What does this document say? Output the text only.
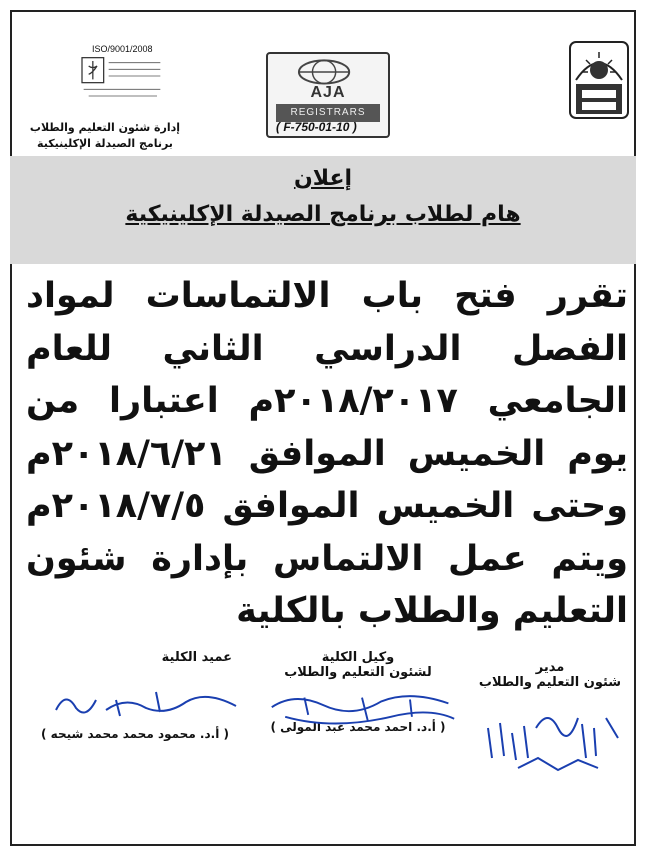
AJA
REGISTRARS
( F-750-01-10 )
ISO/9001/2008
إدارة شئون التعليم والطلاب
برنامج الصيدلة الإكلينيكية
إعلان
هام لطلاب برنامج الصيدلة الإكلينيكية
تقرر فتح باب الالتماسات لمواد الفصل الدراسي الثاني للعام الجامعي ٢٠١٨/٢٠١٧م اعتبارا من يوم الخميس الموافق ٢٠١٨/٦/٢١م وحتى الخميس الموافق ٢٠١٨/٧/٥م ويتم عمل الالتماس بإدارة شئون التعليم والطلاب بالكلية
مدير
شئون التعليم والطلاب
وكيل الكلية
لشئون التعليم والطلاب
( أ.د. احمد محمد عبد المولى )
عميد الكلية
( أ.د. محمود محمد محمد شيحه )
